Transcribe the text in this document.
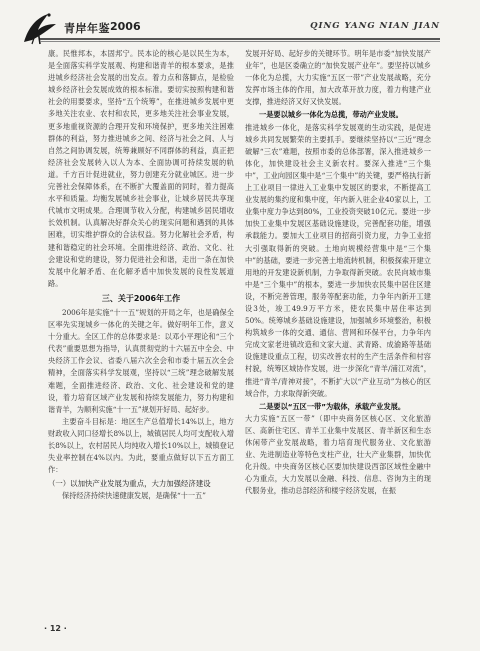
青岸年鉴 2006	QING YANG NIAN JIAN

康。民惟邦本，本固邦宁。民本论的核心是以民生为本，是全面落实科学发展观、构建和谐青羊的根本要求，是推进城乡经济社会发展的出发点。着力点和落脚点，是检验城乡经济社会发展成效的根本标准。要切实按照构建和谐社会的用要要求，坚持“五个统筹”，在推进城乡发展中更多地关注农业、农村和农民，更多地关注社会事业发展，更多地重视资源的合理开发和环境保护，更多地关注困难群体的利益，努力推进城乡之间、经济与社会之间、人与自然之间协调发展，统筹兼顾好不同群体的利益，真正把经济社会发展转入以人为本、全面协调可持续发展的轨道。千方百计促进就业，努力创建充分就业城区。进一步完善社会保障体系，在不断扩大覆盖面的同时，着力提高水平和质量。均衡发展城乡社会事业，让城乡居民共享现代城市文明成果。合理调节收入分配，构建城乡居民增收长效机制。认真解决好群众关心的现实问题和遇到的具体困难，切实维护群众的合法权益。努力化解社会矛盾，构建和谐稳定的社会环境。全面推进经济、政治、文化、社会建设和党的建设，努力促进社会和谐，走出一条在加快发展中化解矛盾、在化解矛盾中加快发展的良性发展道路。

三、关于2006年工作

2006年是实施“十一五”规划的开局之年，也是确保全区率先实现城乡一体化的关键之年。做好明年工作，意义十分重大。全区工作的总体要求是：以邓小平理论和“三个代表”重要思想为指导，认真贯彻党的十六届五中全会、中央经济工作会议、省委八届六次全会和市委十届五次全会精神，全面落实科学发展观，坚持以“三统”理念破解发展难题，全面推进经济、政治、文化、社会建设和党的建设，着力培育区域产业发展和持续发展能力，努力构建和谐青羊，为顺利实施“十一五”规划开好局、起好步。

主要奋斗目标是：地区生产总值增长14%以上，地方财政收入同口径增长8%以上，城镇居民人均可支配收入增长8%以上，农村居民人均纯收入增长10%以上，城镇登记失业率控制在4%以内。为此，要重点做好以下五方面工作：

（一）以加快产业发展为重点，大力加强经济建设

保持经济持续快速健康发展，是确保“十一五”

发展开好局、起好步的关键环节。明年是市委“加快发展产业年”，也是区委确立的“加快发展产业年”。要坚持以城乡一体化为总揽，大力实施“五区一带”产业发展战略，充分发挥市场主体的作用，加大改革开放力度，着力构建产业支撑，推进经济又好又快发展。

一是要以城乡一体化为总揽，带动产业发展。

推进城乡一体化，是落实科学发展观的生动实践，是促进城乡共同发展繁荣的主要抓手。要继续坚持以“三近”理念破解“三农”难题，按照市委的总体部署，深入推进城乡一体化，加快建设社会主义新农村。要深入推进“三个集中”，工业向园区集中是“三个集中”的关键，要严格执行新上工业项目一律进入工业集中发展区的要求，不断提高工业发展的集约度和集中度，年内新入驻企业40家以上，工业集中度力争达到80%，工业投资突破10亿元。要进一步加快工业集中发展区基础设施建设，完善配套功能，增强承载能力。要加大工业项目的招商引资力度，力争工业招大引强取得新的突破。土地向规模经营集中是“三个集中”的基础，要进一步完善土地流转机制，积极探索开建立用地的开发建设新机制，力争取得新突破。农民向城市集中是“三个集中”的根本，要进一步加快农民集中居住区建设，不断完善管理，服务等配套功能，力争年内新开工建设3处，竣工49.9万平方米，使农民集中居住率达到50%。统筹城乡基础设施建设，加强城乡环境整治，积极构筑城乡一体的交通、通信、营网和环保平台，力争年内完成文家老进镇改造和文家大道、武青路、成渝路等基础设施建设重点工程，切实改善农村的生产生活条件和村容村貌，统筹区城协作发展，进一步深化“青羊/浦江对流”，推进“青羊/青神对接”，不断扩大以“产业互动”为核心的区域合作，力求取得新突破。

二是要以“五区一带”为载体，承载产业发展。

大力实施“五区一带”（即中央商务区核心区、文化旅游区、高新住宅区、青羊工业集中发展区、青羊新区和生态休闲带产业发展战略，着力培育现代服务业、文化旅游业、先进制造业等特色支柱产业，壮大产业集群，加快优化升级。中央商务区核心区要加快建设西部区域性金融中心为重点，大力发展以金融、科技、信息、咨询为主的现代服务业，推动总部经济和楼宇经济发展，在振

· 12 ·
